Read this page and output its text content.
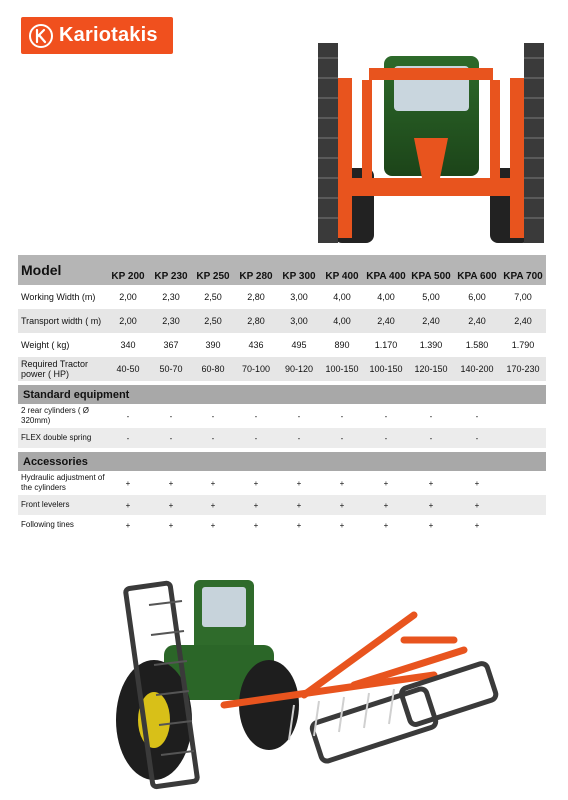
Kariotakis
Model	KP 200	KP 230	KP 250	KP 280	KP 300	KP 400	KPA 400	KPA 500	KPA 600	KPA 700
Working Width (m)	2,00	2,30	2,50	2,80	3,00	4,00	4,00	5,00	6,00	7,00
Transport width ( m)	2,00	2,30	2,50	2,80	3,00	4,00	2,40	2,40	2,40	2,40
Weight ( kg)	340	367	390	436	495	890	1.170	1.390	1.580	1.790
Required Tractor power ( HP)	40-50	50-70	60-80	70-100	90-120	100-150	100-150	120-150	140-200	170-230

Standard equipment										
2 rear cylinders ( Ø 320mm)	-	-	-	-	-	-	-	-	-	
FLEX double spring	-	-	-	-	-	-	-	-	-	

Accessories										
Hydraulic adjustment of the cylinders	+	+	+	+	+	+	+	+	+	
Front levelers	+	+	+	+	+	+	+	+	+	
Following tines	+	+	+	+	+	+	+	+	+	
